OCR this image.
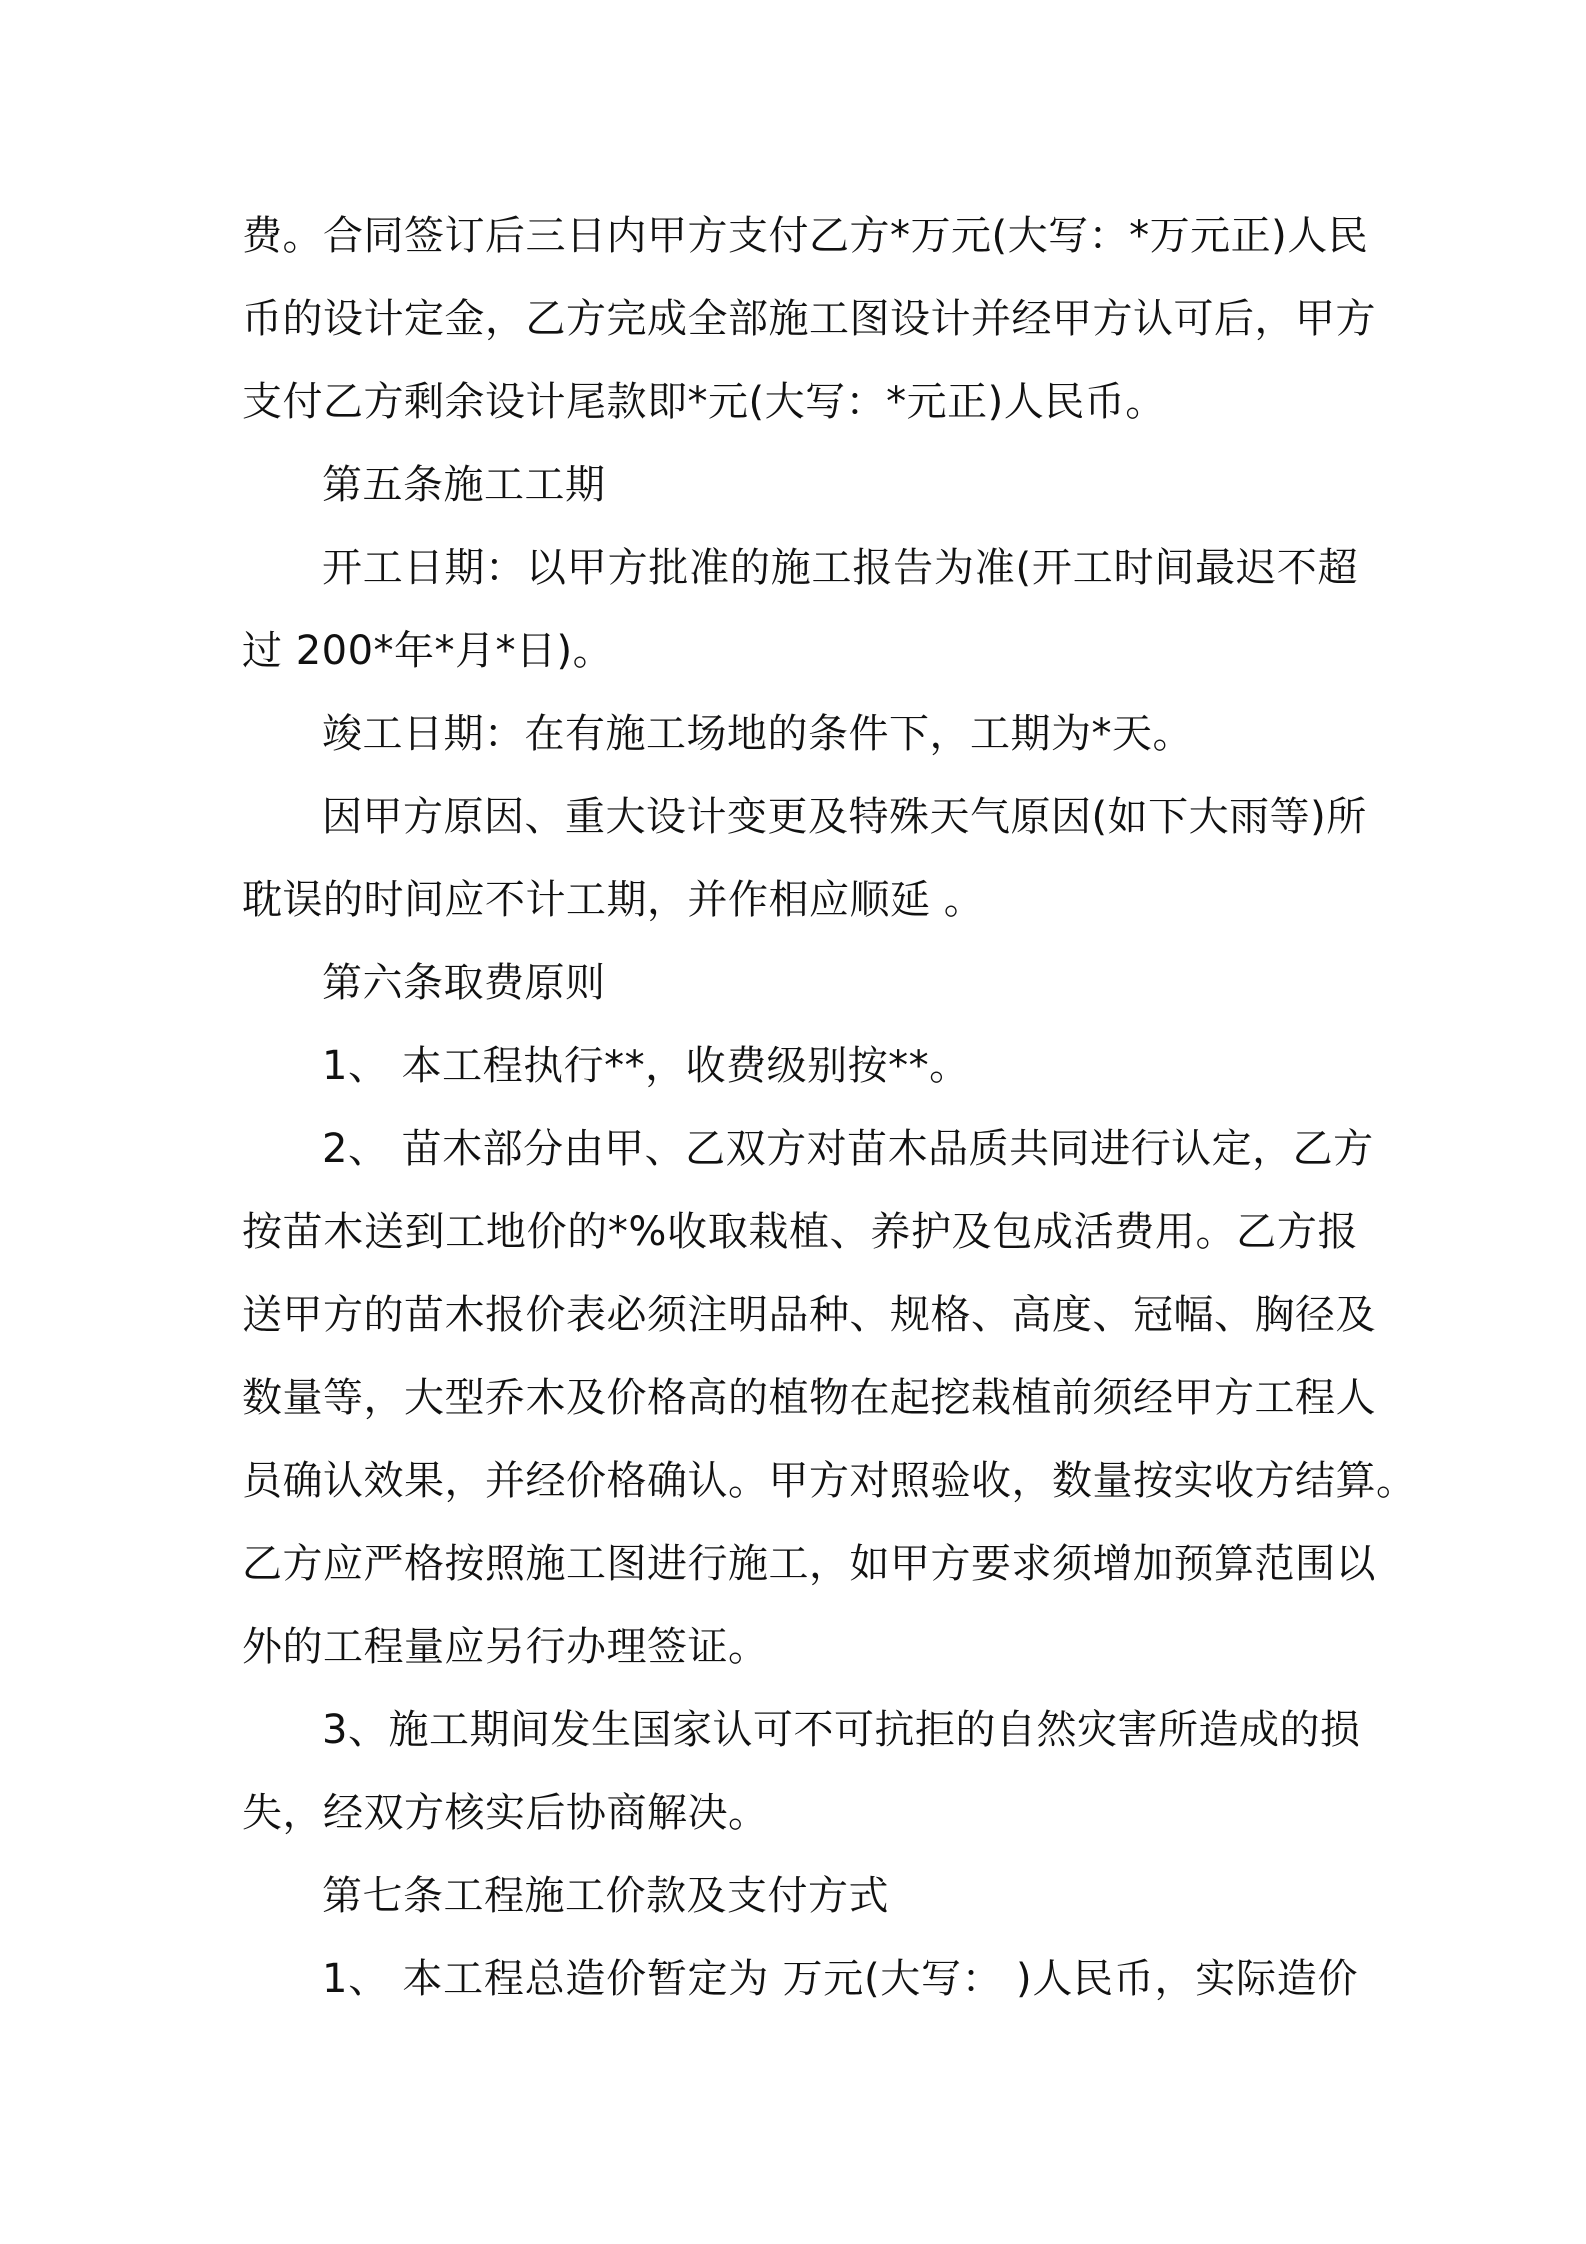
费。合同签订后三日内甲方支付乙方*万元(大写：*万元正)人民
币的设计定金，乙方完成全部施工图设计并经甲方认可后，甲方
支付乙方剩余设计尾款即*元(大写：*元正)人民币。
第五条施工工期
开工日期：以甲方批准的施工报告为准(开工时间最迟不超
过 200*年*月*日)。
竣工日期：在有施工场地的条件下，工期为*天。
因甲方原因、重大设计变更及特殊天气原因(如下大雨等)所
耽误的时间应不计工期，并作相应顺延 。
第六条取费原则
1、 本工程执行**，收费级别按**。
2、 苗木部分由甲、乙双方对苗木品质共同进行认定，乙方
按苗木送到工地价的*%收取栽植、养护及包成活费用。乙方报
送甲方的苗木报价表必须注明品种、规格、高度、冠幅、胸径及
数量等，大型乔木及价格高的植物在起挖栽植前须经甲方工程人
员确认效果，并经价格确认。甲方对照验收，数量按实收方结算。
乙方应严格按照施工图进行施工，如甲方要求须增加预算范围以
外的工程量应另行办理签证。
3、施工期间发生国家认可不可抗拒的自然灾害所造成的损
失，经双方核实后协商解决。
第七条工程施工价款及支付方式
1、 本工程总造价暂定为 万元(大写： )人民币，实际造价
